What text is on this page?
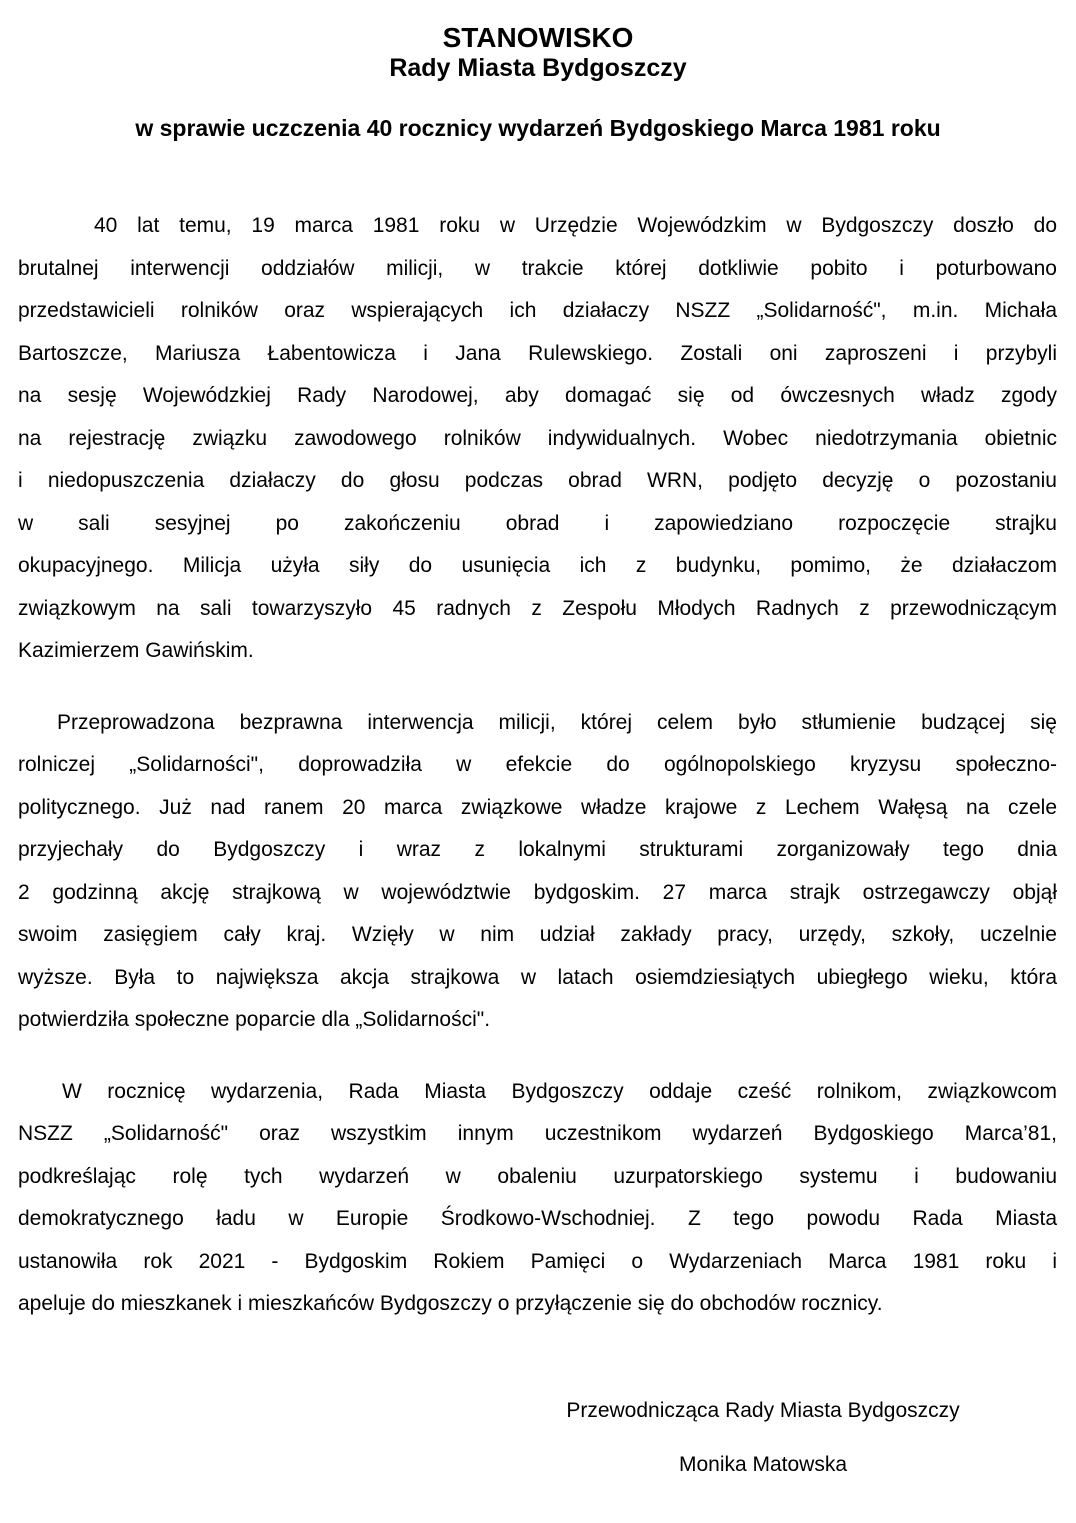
STANOWISKO
Rady Miasta Bydgoszczy
w sprawie uczczenia 40 rocznicy wydarzeń Bydgoskiego Marca 1981 roku
40 lat temu, 19 marca 1981 roku w Urzędzie Wojewódzkim w Bydgoszczy doszło do
brutalnej interwencji oddziałów milicji, w trakcie której dotkliwie pobito i poturbowano
przedstawicieli rolników oraz wspierających ich działaczy NSZZ „Solidarność", m.in. Michała
Bartoszcze, Mariusza Łabentowicza i Jana Rulewskiego. Zostali oni zaproszeni i przybyli
na sesję Wojewódzkiej Rady Narodowej, aby domagać się od ówczesnych władz zgody
na rejestrację związku zawodowego rolników indywidualnych. Wobec niedotrzymania obietnic
i niedopuszczenia działaczy do głosu podczas obrad WRN, podjęto decyzję o pozostaniu
w sali sesyjnej po zakończeniu obrad i zapowiedziano rozpoczęcie strajku
okupacyjnego. Milicja użyła siły do usunięcia ich z budynku, pomimo, że działaczom
związkowym na sali towarzyszyło 45 radnych z Zespołu Młodych Radnych z przewodniczącym
Kazimierzem Gawińskim.
Przeprowadzona bezprawna interwencja milicji, której celem było stłumienie budzącej się
rolniczej „Solidarności", doprowadziła w efekcie do ogólnopolskiego kryzysu społeczno-
politycznego. Już nad ranem 20 marca związkowe władze krajowe z Lechem Wałęsą na czele
przyjechały do Bydgoszczy i wraz z lokalnymi strukturami zorganizowały tego dnia
2 godzinną akcję strajkową w województwie bydgoskim. 27 marca strajk ostrzegawczy objął
swoim zasięgiem cały kraj. Wzięły w nim udział zakłady pracy, urzędy, szkoły, uczelnie
wyższe. Była to największa akcja strajkowa w latach osiemdziesiątych ubiegłego wieku, która
potwierdziła społeczne poparcie dla „Solidarności".
W rocznicę wydarzenia, Rada Miasta Bydgoszczy oddaje cześć rolnikom, związkowcom
NSZZ „Solidarność" oraz wszystkim innym uczestnikom wydarzeń Bydgoskiego Marca’81,
podkreślając rolę tych wydarzeń w obaleniu uzurpatorskiego systemu i budowaniu
demokratycznego ładu w Europie Środkowo-Wschodniej. Z tego powodu Rada Miasta
ustanowiła rok 2021 - Bydgoskim Rokiem Pamięci o Wydarzeniach Marca 1981 roku i
apeluje do mieszkanek i mieszkańców Bydgoszczy o przyłączenie się do obchodów rocznicy.
Przewodnicząca Rady Miasta Bydgoszczy
Monika Matowska
